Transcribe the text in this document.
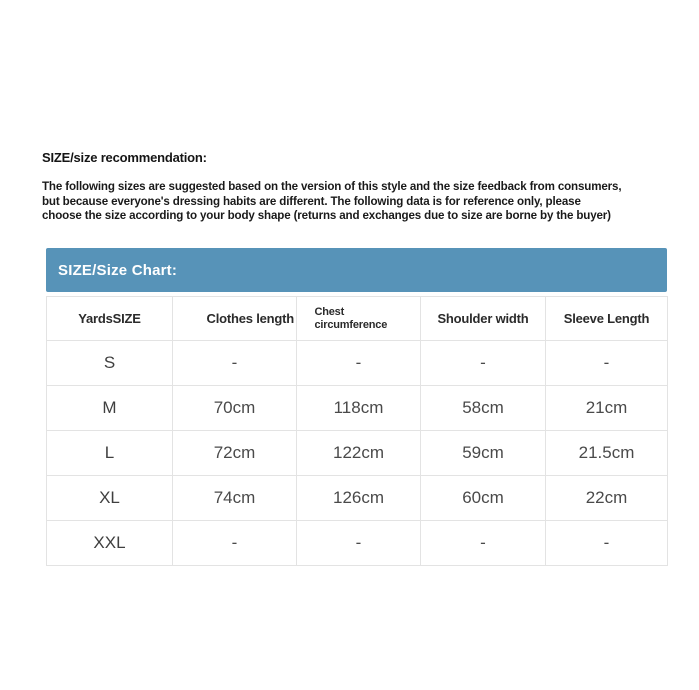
SIZE/size recommendation:
The following sizes are suggested based on the version of this style and the size feedback from consumers,
but because everyone's dressing habits are different. The following data is for reference only, please
choose the size according to your body shape (returns and exchanges due to size are borne by the buyer)
SIZE/Size Chart:
YardsSIZE	Clothes length	Chest circumference	Shoulder width	Sleeve Length
S	-	-	-	-
M	70cm	118cm	58cm	21cm
L	72cm	122cm	59cm	21.5cm
XL	74cm	126cm	60cm	22cm
XXL	-	-	-	-
